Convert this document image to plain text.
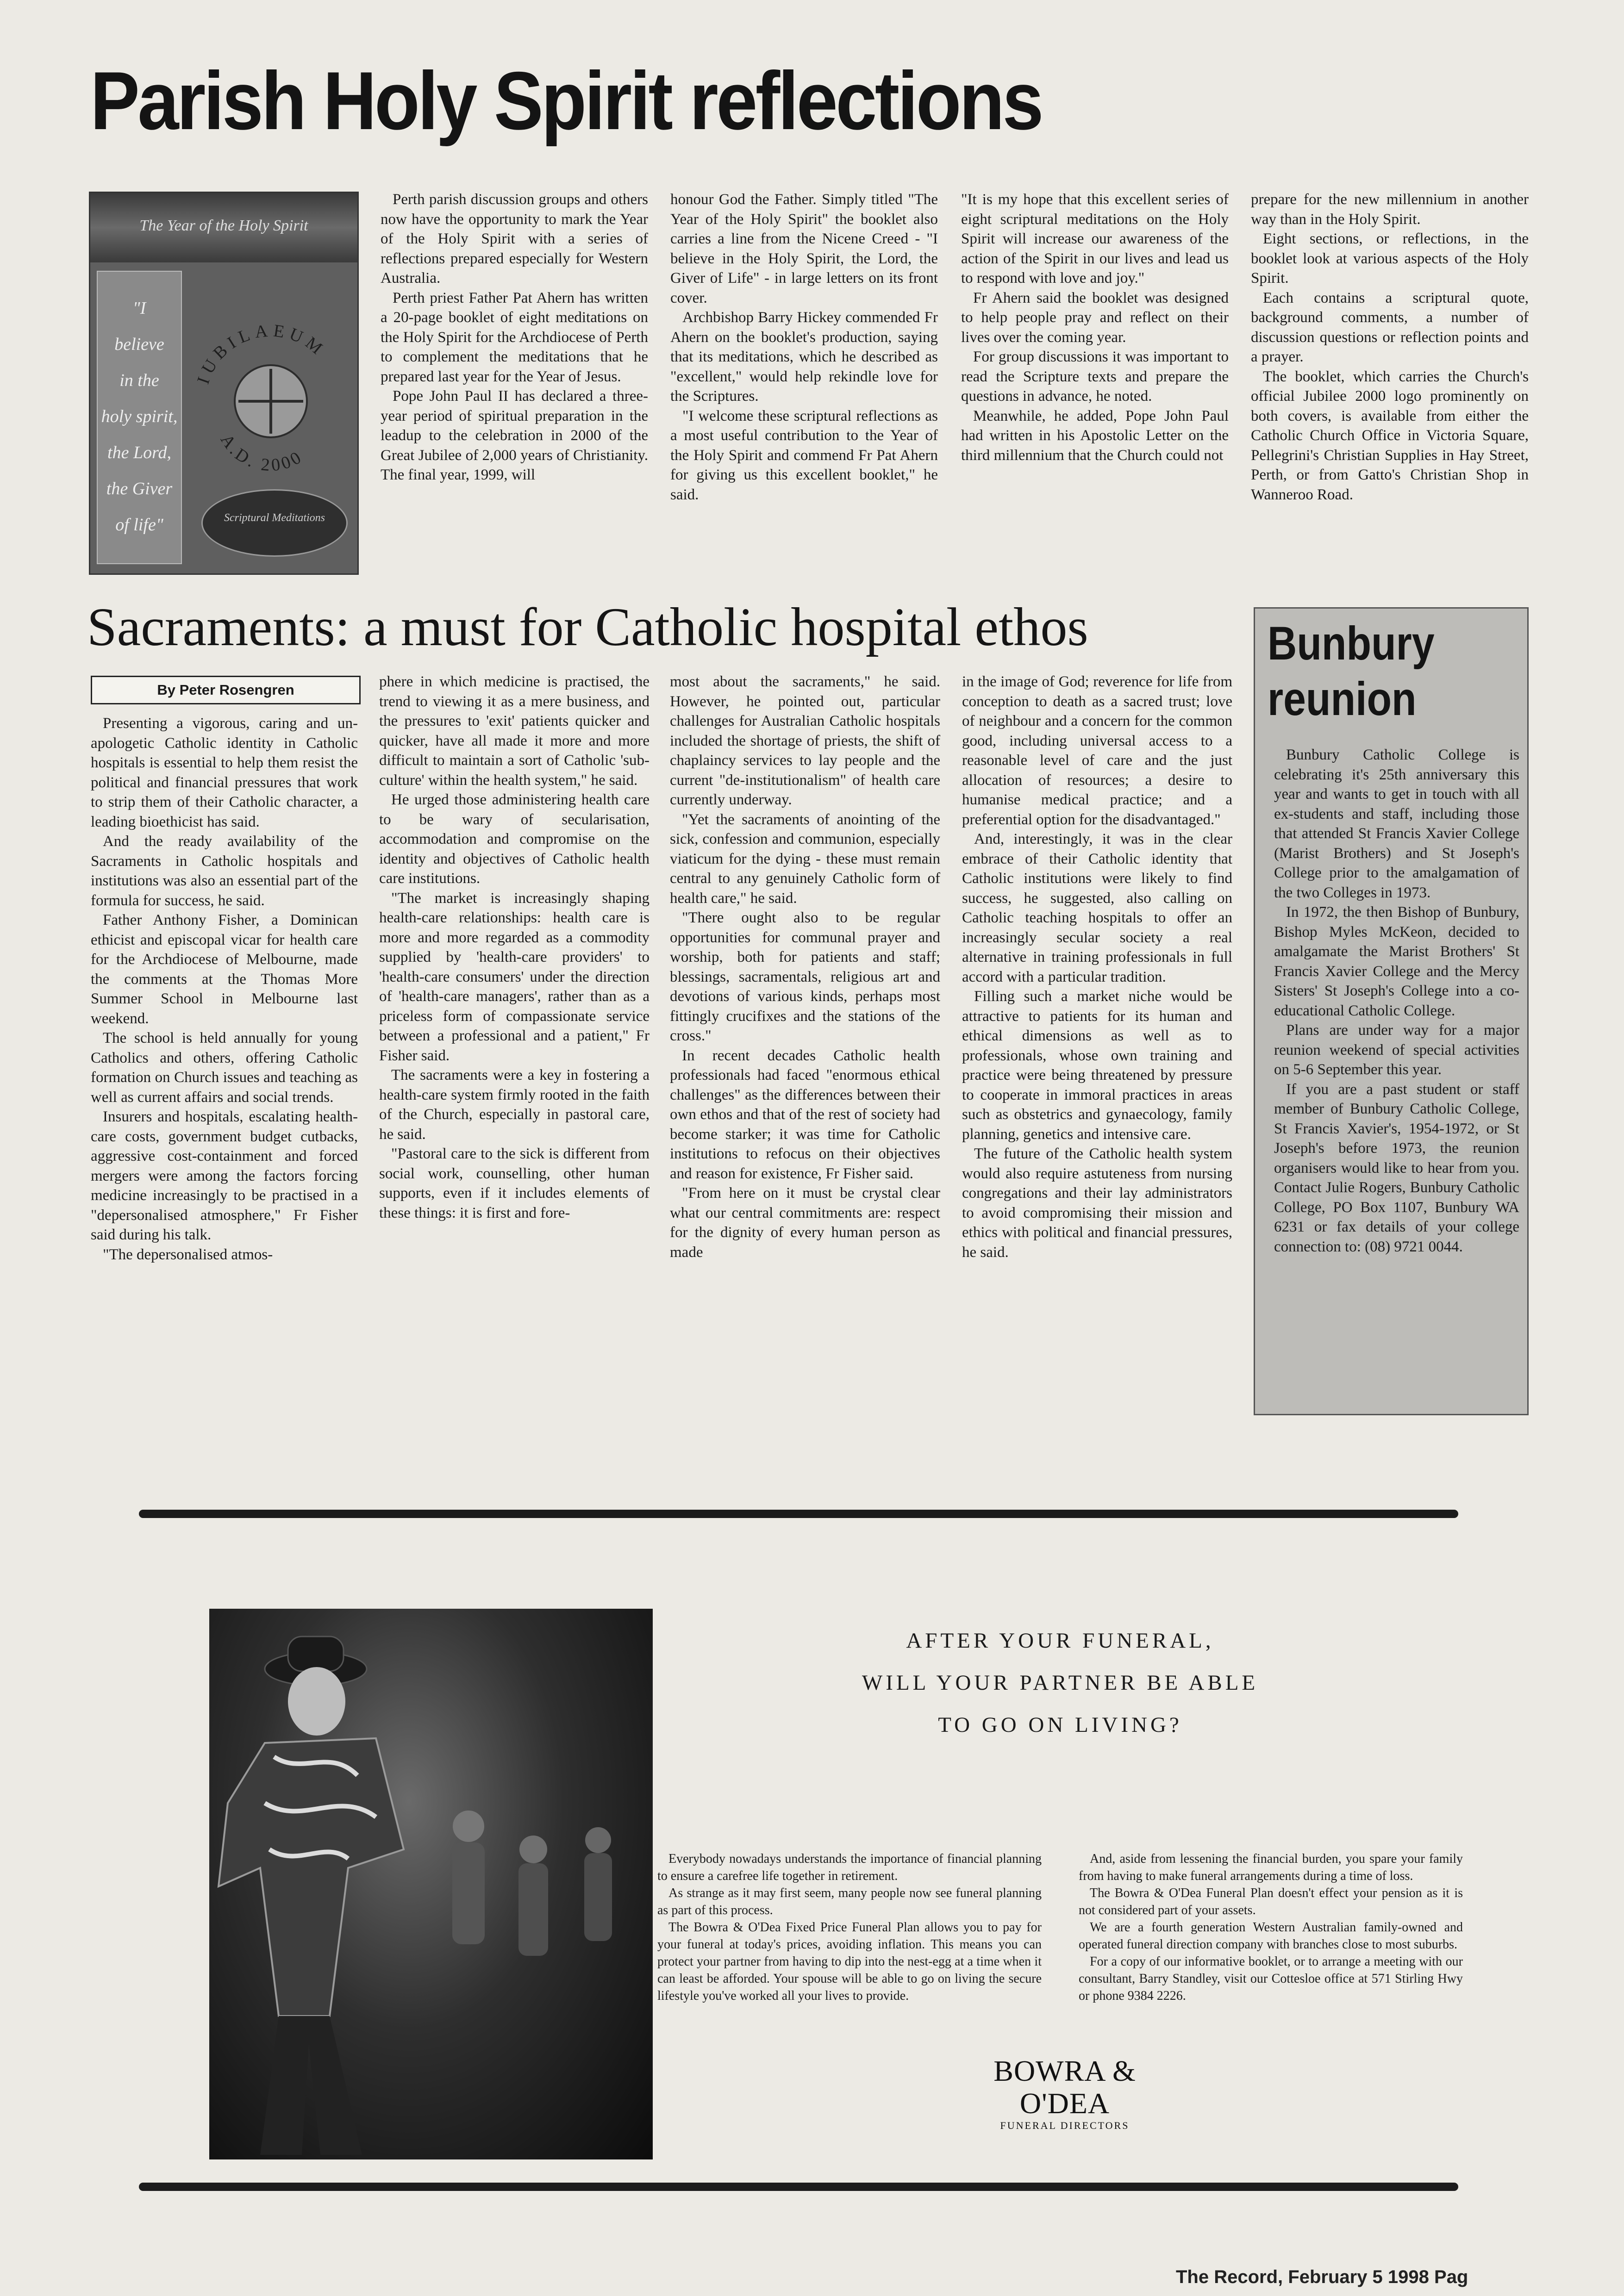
Parish Holy Spirit reflections
The Year of the Holy Spirit
"I
believe
in the
holy spirit,
the Lord,
the Giver
of life"
IUBILAEUM
A.D. 2000
Scriptural Meditations

Perth parish discussion groups and others now have the opportunity to mark the Year of the Holy Spirit with a series of reflections prepared especially for Western Australia.

Perth priest Father Pat Ahern has written a 20-page booklet of eight meditations on the Holy Spirit for the Archdiocese of Perth to complement the meditations that he prepared last year for the Year of Jesus.

Pope John Paul II has declared a three-year period of spiritual preparation in the leadup to the celebration in 2000 of the Great Jubilee of 2,000 years of Christianity. The final year, 1999, will

honour God the Father. Simply titled "The Year of the Holy Spirit" the booklet also carries a line from the Nicene Creed - "I believe in the Holy Spirit, the Lord, the Giver of Life" - in large letters on its front cover.

Archbishop Barry Hickey commended Fr Ahern on the booklet's production, saying that its meditations, which he described as "excellent," would help rekindle love for the Scriptures.

"I welcome these scriptural reflections as a most useful contribution to the Year of the Holy Spirit and commend Fr Pat Ahern for giving us this excellent booklet," he said.

"It is my hope that this excellent series of eight scriptural meditations on the Holy Spirit will increase our awareness of the action of the Spirit in our lives and lead us to respond with love and joy."

Fr Ahern said the booklet was designed to help people pray and reflect on their lives over the coming year.

For group discussions it was important to read the Scripture texts and prepare the questions in advance, he noted.

Meanwhile, he added, Pope John Paul had written in his Apostolic Letter on the third millennium that the Church could not

prepare for the new millennium in another way than in the Holy Spirit.

Eight sections, or reflections, in the booklet look at various aspects of the Holy Spirit.

Each contains a scriptural quote, background comments, a number of discussion questions or reflection points and a prayer.

The booklet, which carries the Church's official Jubilee 2000 logo prominently on both covers, is available from either the Catholic Church Office in Victoria Square, Pellegrini's Christian Supplies in Hay Street, Perth, or from Gatto's Christian Shop in Wanneroo Road.

Sacraments: a must for Catholic hospital ethos
By Peter Rosengren

Presenting a vigorous, caring and un-apologetic Catholic identity in Catholic hospitals is essential to help them resist the political and financial pressures that work to strip them of their Catholic character, a leading bioethicist has said.

And the ready availability of the Sacraments in Catholic hospitals and institutions was also an essential part of the formula for success, he said.

Father Anthony Fisher, a Dominican ethicist and episcopal vicar for health care for the Archdiocese of Melbourne, made the comments at the Thomas More Summer School in Melbourne last weekend.

The school is held annually for young Catholics and others, offering Catholic formation on Church issues and teaching as well as current affairs and social trends.

Insurers and hospitals, escalating health-care costs, government budget cutbacks, aggressive cost-containment and forced mergers were among the factors forcing medicine increasingly to be practised in a "depersonalised atmosphere," Fr Fisher said during his talk.

"The depersonalised atmos-

phere in which medicine is practised, the trend to viewing it as a mere business, and the pressures to 'exit' patients quicker and quicker, have all made it more and more difficult to maintain a sort of Catholic 'sub-culture' within the health system," he said.

He urged those administering health care to be wary of secularisation, accommodation and compromise on the identity and objectives of Catholic health care institutions.

"The market is increasingly shaping health-care relationships: health care is more and more regarded as a commodity supplied by 'health-care providers' to 'health-care consumers' under the direction of 'health-care managers', rather than as a priceless form of compassionate service between a professional and a patient," Fr Fisher said.

The sacraments were a key in fostering a health-care system firmly rooted in the faith of the Church, especially in pastoral care, he said.

"Pastoral care to the sick is different from social work, counselling, other human supports, even if it includes elements of these things: it is first and fore-

most about the sacraments," he said. However, he pointed out, particular challenges for Australian Catholic hospitals included the shortage of priests, the shift of chaplaincy services to lay people and the current "de-institutionalism" of health care currently underway.

"Yet the sacraments of anointing of the sick, confession and communion, especially viaticum for the dying - these must remain central to any genuinely Catholic form of health care," he said.

"There ought also to be regular opportunities for communal prayer and worship, both for patients and staff; blessings, sacramentals, religious art and devotions of various kinds, perhaps most fittingly crucifixes and the stations of the cross."

In recent decades Catholic health professionals had faced "enormous ethical challenges" as the differences between their own ethos and that of the rest of society had become starker; it was time for Catholic institutions to refocus on their objectives and reason for existence, Fr Fisher said.

"From here on it must be crystal clear what our central commitments are: respect for the dignity of every human person as made

in the image of God; reverence for life from conception to death as a sacred trust; love of neighbour and a concern for the common good, including universal access to a reasonable level of care and the just allocation of resources; a desire to humanise medical practice; and a preferential option for the disadvantaged."

And, interestingly, it was in the clear embrace of their Catholic identity that Catholic institutions were likely to find success, he suggested, also calling on Catholic teaching hospitals to offer an increasingly secular society a real alternative in training professionals in full accord with a particular tradition.

Filling such a market niche would be attractive to patients for its human and ethical dimensions as well as to professionals, whose own training and practice were being threatened by pressure to cooperate in immoral practices in areas such as obstetrics and gynaecology, family planning, genetics and intensive care.

The future of the Catholic health system would also require astuteness from nursing congregations and their lay administrators to avoid compromising their mission and ethics with political and financial pressures, he said.

Bunbury
reunion

Bunbury Catholic College is celebrating it's 25th anniversary this year and wants to get in touch with all ex-students and staff, including those that attended St Francis Xavier College (Marist Brothers) and St Joseph's College prior to the amalgamation of the two Colleges in 1973.

In 1972, the then Bishop of Bunbury, Bishop Myles McKeon, decided to amalgamate the Marist Brothers' St Francis Xavier College and the Mercy Sisters' St Joseph's College into a co-educational Catholic College.

Plans are under way for a major reunion weekend of special activities on 5-6 September this year.

If you are a past student or staff member of Bunbury Catholic College, St Francis Xavier's, 1954-1972, or St Joseph's before 1973, the reunion organisers would like to hear from you. Contact Julie Rogers, Bunbury Catholic College, PO Box 1107, Bunbury WA 6231 or fax details of your college connection to: (08) 9721 0044.

AFTER YOUR FUNERAL,
WILL YOUR PARTNER BE ABLE
TO GO ON LIVING?

Everybody nowadays understands the importance of financial planning to ensure a carefree life together in retirement.

As strange as it may first seem, many people now see funeral planning as part of this process.

The Bowra & O'Dea Fixed Price Funeral Plan allows you to pay for your funeral at today's prices, avoiding inflation. This means you can protect your partner from having to dip into the nest-egg at a time when it can least be afforded. Your spouse will be able to go on living the secure lifestyle you've worked all your lives to provide.

And, aside from lessening the financial burden, you spare your family from having to make funeral arrangements during a time of loss.

The Bowra & O'Dea Funeral Plan doesn't effect your pension as it is not considered part of your assets.

We are a fourth generation Western Australian family-owned and operated funeral direction company with branches close to most suburbs.

For a copy of our informative booklet, or to arrange a meeting with our consultant, Barry Standley, visit our Cottesloe office at 571 Stirling Hwy or phone 9384 2226.

BOWRA & O'DEA
FUNERAL DIRECTORS
The Record, February 5 1998 Pag
